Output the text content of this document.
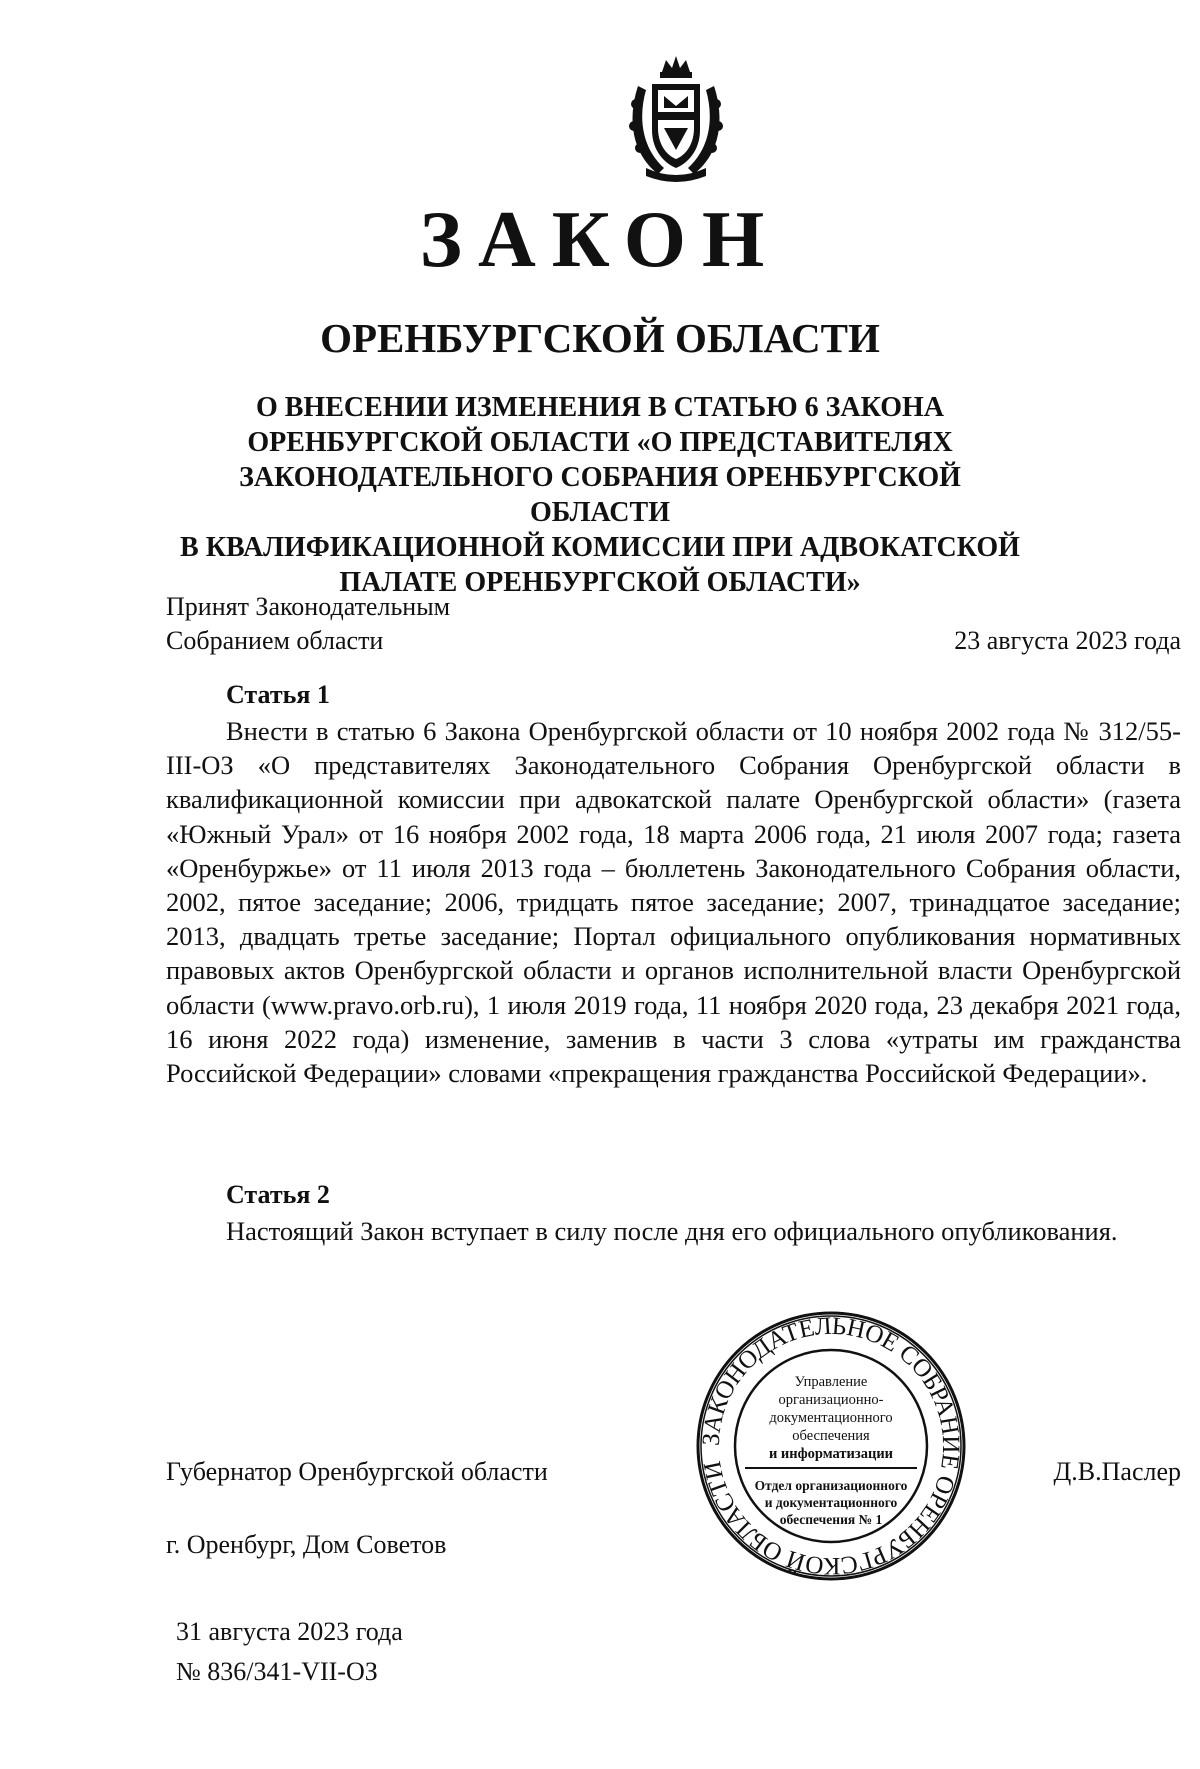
ЗАКОН
ОРЕНБУРГСКОЙ ОБЛАСТИ
О ВНЕСЕНИИ ИЗМЕНЕНИЯ В СТАТЬЮ 6 ЗАКОНА
ОРЕНБУРГСКОЙ ОБЛАСТИ «О ПРЕДСТАВИТЕЛЯХ
ЗАКОНОДАТЕЛЬНОГО СОБРАНИЯ ОРЕНБУРГСКОЙ ОБЛАСТИ
В КВАЛИФИКАЦИОННОЙ КОМИССИИ ПРИ АДВОКАТСКОЙ
ПАЛАТЕ ОРЕНБУРГСКОЙ ОБЛАСТИ»
Принят Законодательным
Собранием области	23 августа 2023 года
Статья 1

Внести в статью 6 Закона Оренбургской области от 10 ноября 2002 года № 312/55-III-ОЗ «О представителях Законодательного Собрания Оренбургской области в квалификационной комиссии при адвокатской палате Оренбургской области» (газета «Южный Урал» от 16 ноября 2002 года, 18 марта 2006 года, 21 июля 2007 года; газета «Оренбуржье» от 11 июля 2013 года – бюллетень Законодательного Собрания области, 2002, пятое заседание; 2006, тридцать пятое заседание; 2007, тринадцатое заседание; 2013, двадцать третье заседание; Портал официального опубликования нормативных правовых актов Оренбургской области и органов исполнительной власти Оренбургской области (www.pravo.orb.ru), 1 июля 2019 года, 11 ноября 2020 года, 23 декабря 2021 года, 16 июня 2022 года) изменение, заменив в части 3 слова «утраты им гражданства Российской Федерации» словами «прекращения гражданства Российской Федерации».

Статья 2

Настоящий Закон вступает в силу после дня его официального опубликования.

ЗАКОНОДАТЕЛЬНОЕ СОБРАНИЕ ОРЕНБУРГСКОЙ ОБЛАСТИ
Управление
организационно-
документационного
обеспечения
и информатизации
Отдел организационного
и документационного
обеспечения № 1
Губернатор Оренбургской области	Д.В.Паслер
г. Оренбург, Дом Советов
31 августа 2023 года
№ 836/341-VII-ОЗ
